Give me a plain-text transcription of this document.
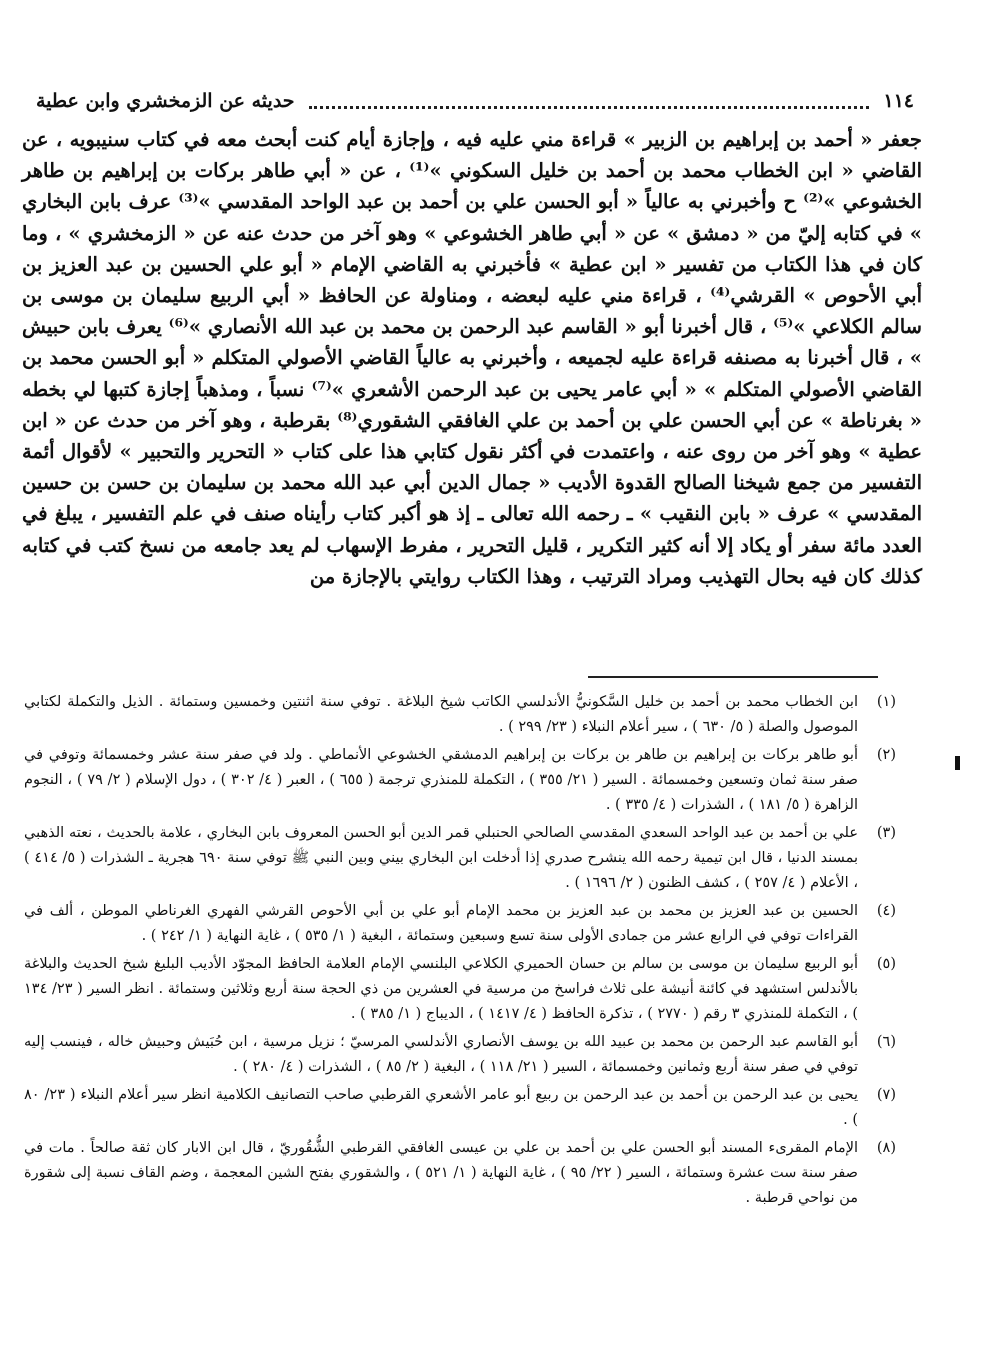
١١٤
حديثه عن الزمخشري وابن عطية

جعفر « أحمد بن إبراهيم بن الزبير » قراءة مني عليه فيه ، وإجازة أيام كنت أبحث معه في كتاب سنيبويه ، عن القاضي « ابن الخطاب محمد بن أحمد بن خليل السكوني »⁽¹⁾ ، عن « أبي طاهر بركات بن إبراهيم بن طاهر الخشوعي »⁽²⁾ ح وأخبرني به عالياً « أبو الحسن علي بن أحمد بن عبد الواحد المقدسي »⁽³⁾ عرف بابن البخاري » في كتابه إليّ من « دمشق » عن « أبي طاهر الخشوعي » وهو آخر من حدث عنه عن « الزمخشري » ، وما كان في هذا الكتاب من تفسير « ابن عطية » فأخبرني به القاضي الإمام « أبو علي الحسين بن عبد العزيز بن أبي الأحوص » القرشي⁽⁴⁾ ، قراءة مني عليه لبعضه ، ومناولة عن الحافظ « أبي الربيع سليمان بن موسى بن سالم الكلاعي »⁽⁵⁾ ، قال أخبرنا أبو « القاسم عبد الرحمن بن محمد بن عبد الله الأنصاري »⁽⁶⁾ يعرف بابن حبيش » ، قال أخبرنا به مصنفه قراءة عليه لجميعه ، وأخبرني به عالياً القاضي الأصولي المتكلم « أبو الحسن محمد بن القاضي الأصولي المتكلم » « أبي عامر يحيى بن عبد الرحمن الأشعري »⁽⁷⁾ نسباً ، ومذهباً إجازة كتبها لي بخطه « بغرناطة » عن أبي الحسن علي بن أحمد بن علي الغافقي الشقوري⁽⁸⁾ بقرطبة ، وهو آخر من حدث عن « ابن عطية » وهو آخر من روى عنه ، واعتمدت في أكثر نقول كتابي هذا على كتاب « التحرير والتحبير » لأقوال أئمة التفسير من جمع شيخنا الصالح القدوة الأديب « جمال الدين أبي عبد الله محمد بن سليمان بن حسن بن حسين المقدسي » عرف « بابن النقيب » ـ رحمه الله تعالى ـ إذ هو أكبر كتاب رأيناه صنف في علم التفسير ، يبلغ في العدد مائة سفر أو يكاد إلا أنه كثير التكرير ، قليل التحرير ، مفرط الإسهاب لم يعد جامعه من نسخ كتب في كتابه كذلك كان فيه بحال التهذيب ومراد الترتيب ، وهذا الكتاب روايتي بالإجازة من

(١)
ابن الخطاب محمد بن أحمد بن خليل السَّكونيُّ الأندلسي الكاتب شيخ البلاغة . توفي سنة اثنتين وخمسين وستمائة . الذيل والتكملة لكتابي الموصول والصلة ( ٥/ ٦٣٠ ) ، سير أعلام النبلاء ( ٢٣/ ٢٩٩ ) .
(٢)
أبو طاهر بركات بن إبراهيم بن طاهر بن بركات بن إبراهيم الدمشقي الخشوعي الأنماطي . ولد في صفر سنة عشر وخمسمائة وتوفي في صفر سنة ثمان وتسعين وخمسمائة . السير ( ٢١/ ٣٥٥ ) ، التكملة للمنذري ترجمة ( ٦٥٥ ) ، العبر ( ٤/ ٣٠٢ ) ، دول الإسلام ( ٢/ ٧٩ ) ، النجوم الزاهرة ( ٥/ ١٨١ ) ، الشذرات ( ٤/ ٣٣٥ ) .
(٣)
علي بن أحمد بن عبد الواحد السعدي المقدسي الصالحي الحنبلي قمر الدين أبو الحسن المعروف بابن البخاري ، علامة بالحديث ، نعته الذهبي بمسند الدنيا ، قال ابن تيمية رحمه الله ينشرح صدري إذا أدخلت ابن البخاري بيني وبين النبي ﷺ توفي سنة ٦٩٠ هجرية ـ الشذرات ( ٥/ ٤١٤ ) ، الأعلام ( ٤/ ٢٥٧ ) ، كشف الظنون ( ٢/ ١٦٩٦ ) .
(٤)
الحسين بن عبد العزيز بن محمد بن عبد العزيز بن محمد الإمام أبو علي بن أبي الأحوص القرشي الفهري الغرناطي الموطن ، ألف في القراءات توفي في الرابع عشر من جمادى الأولى سنة تسع وسبعين وستمائة ، البغية ( ١/ ٥٣٥ ) ، غاية النهاية ( ١/ ٢٤٢ ) .
(٥)
أبو الربيع سليمان بن موسى بن سالم بن حسان الحميري الكلاعي البلنسي الإمام العلامة الحافظ المجوّد الأديب البليغ شيخ الحديث والبلاغة بالأندلس استشهد في كائنة أنيشة على ثلاث فراسخ من مرسية في العشرين من ذي الحجة سنة أربع وثلاثين وستمائة . انظر السير ( ٢٣/ ١٣٤ ) ، التكملة للمنذري ٣ رقم ( ٢٧٧٠ ) ، تذكرة الحافظ ( ٤/ ١٤١٧ ) ، الديباج ( ١/ ٣٨٥ ) .
(٦)
أبو القاسم عبد الرحمن بن محمد بن عبيد الله بن يوسف الأنصاري الأندلسي المرسيّ ؛ نزيل مرسية ، ابن حُبَيش وحبيش خاله ، فينسب إليه توفي في صفر سنة أربع وثمانين وخمسمائة ، السير ( ٢١/ ١١٨ ) ، البغية ( ٢/ ٨٥ ) ، الشذرات ( ٤/ ٢٨٠ ) .
(٧)
يحيى بن عبد الرحمن بن أحمد بن عبد الرحمن بن ربيع أبو عامر الأشعري القرطبي صاحب التصانيف الكلامية انظر سير أعلام النبلاء ( ٢٣/ ٨٠ ) .
(٨)
الإمام المقرىء المسند أبو الحسن علي بن أحمد بن علي بن عيسى الغافقي القرطبي الشُّقُوريّ ، قال ابن الابار كان ثقة صالحاً . مات في صفر سنة ست عشرة وستمائة ، السير ( ٢٢/ ٩٥ ) ، غاية النهاية ( ١/ ٥٢١ ) ، والشقوري بفتح الشين المعجمة ، وضم القاف نسبة إلى شقورة من نواحي قرطبة .
